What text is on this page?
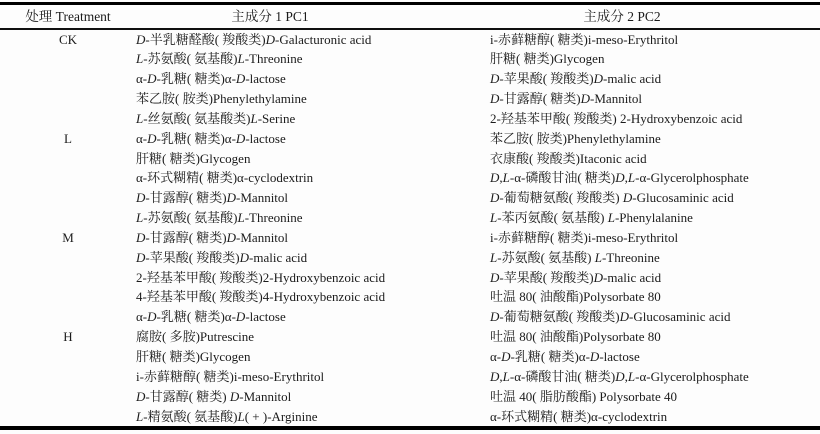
处理 Treatment	主成分 1 PC1	主成分 2 PC2
CK	D-半乳糖醛酸( 羧酸类)D-Galacturonic acid	i-赤藓糖醇( 糖类)i-meso-Erythritol
L-苏氨酸( 氨基酸)L-Threonine	肝糖( 糖类)Glycogen
α-D-乳糖( 糖类)α-D-lactose	D-苹果酸( 羧酸类)D-malic acid
苯乙胺( 胺类)Phenylethylamine	D-甘露醇( 糖类)D-Mannitol
L-丝氨酸( 氨基酸类)L-Serine	2-羟基苯甲酸( 羧酸类) 2-Hydroxybenzoic acid
L	α-D-乳糖( 糖类)α-D-lactose	苯乙胺( 胺类)Phenylethylamine
肝糖( 糖类)Glycogen	衣康酸( 羧酸类)Itaconic acid
α-环式糊精( 糖类)α-cyclodextrin	D,L-α-磷酸甘油( 糖类)D,L-α-Glycerolphosphate
D-甘露醇( 糖类)D-Mannitol	D-葡萄糖氨酸( 羧酸类) D-Glucosaminic acid
L-苏氨酸( 氨基酸)L-Threonine	L-苯丙氨酸( 氨基酸) L-Phenylalanine
M	D-甘露醇( 糖类)D-Mannitol	i-赤藓糖醇( 糖类)i-meso-Erythritol
D-苹果酸( 羧酸类)D-malic acid	L-苏氨酸( 氨基酸) L-Threonine
2-羟基苯甲酸( 羧酸类)2-Hydroxybenzoic acid	D-苹果酸( 羧酸类)D-malic acid
4-羟基苯甲酸( 羧酸类)4-Hydroxybenzoic acid	吐温 80( 油酸酯)Polysorbate 80
α-D-乳糖( 糖类)α-D-lactose	D-葡萄糖氨酸( 羧酸类)D-Glucosaminic acid
H	腐胺( 多胺)Putrescine	吐温 80( 油酸酯)Polysorbate 80
肝糖( 糖类)Glycogen	α-D-乳糖( 糖类)α-D-lactose
i-赤藓糖醇( 糖类)i-meso-Erythritol	D,L-α-磷酸甘油( 糖类)D,L-α-Glycerolphosphate
D-甘露醇( 糖类) D-Mannitol	吐温 40( 脂肪酸酯) Polysorbate 40
L-精氨酸( 氨基酸)L( + )-Arginine	α-环式糊精( 糖类)α-cyclodextrin
